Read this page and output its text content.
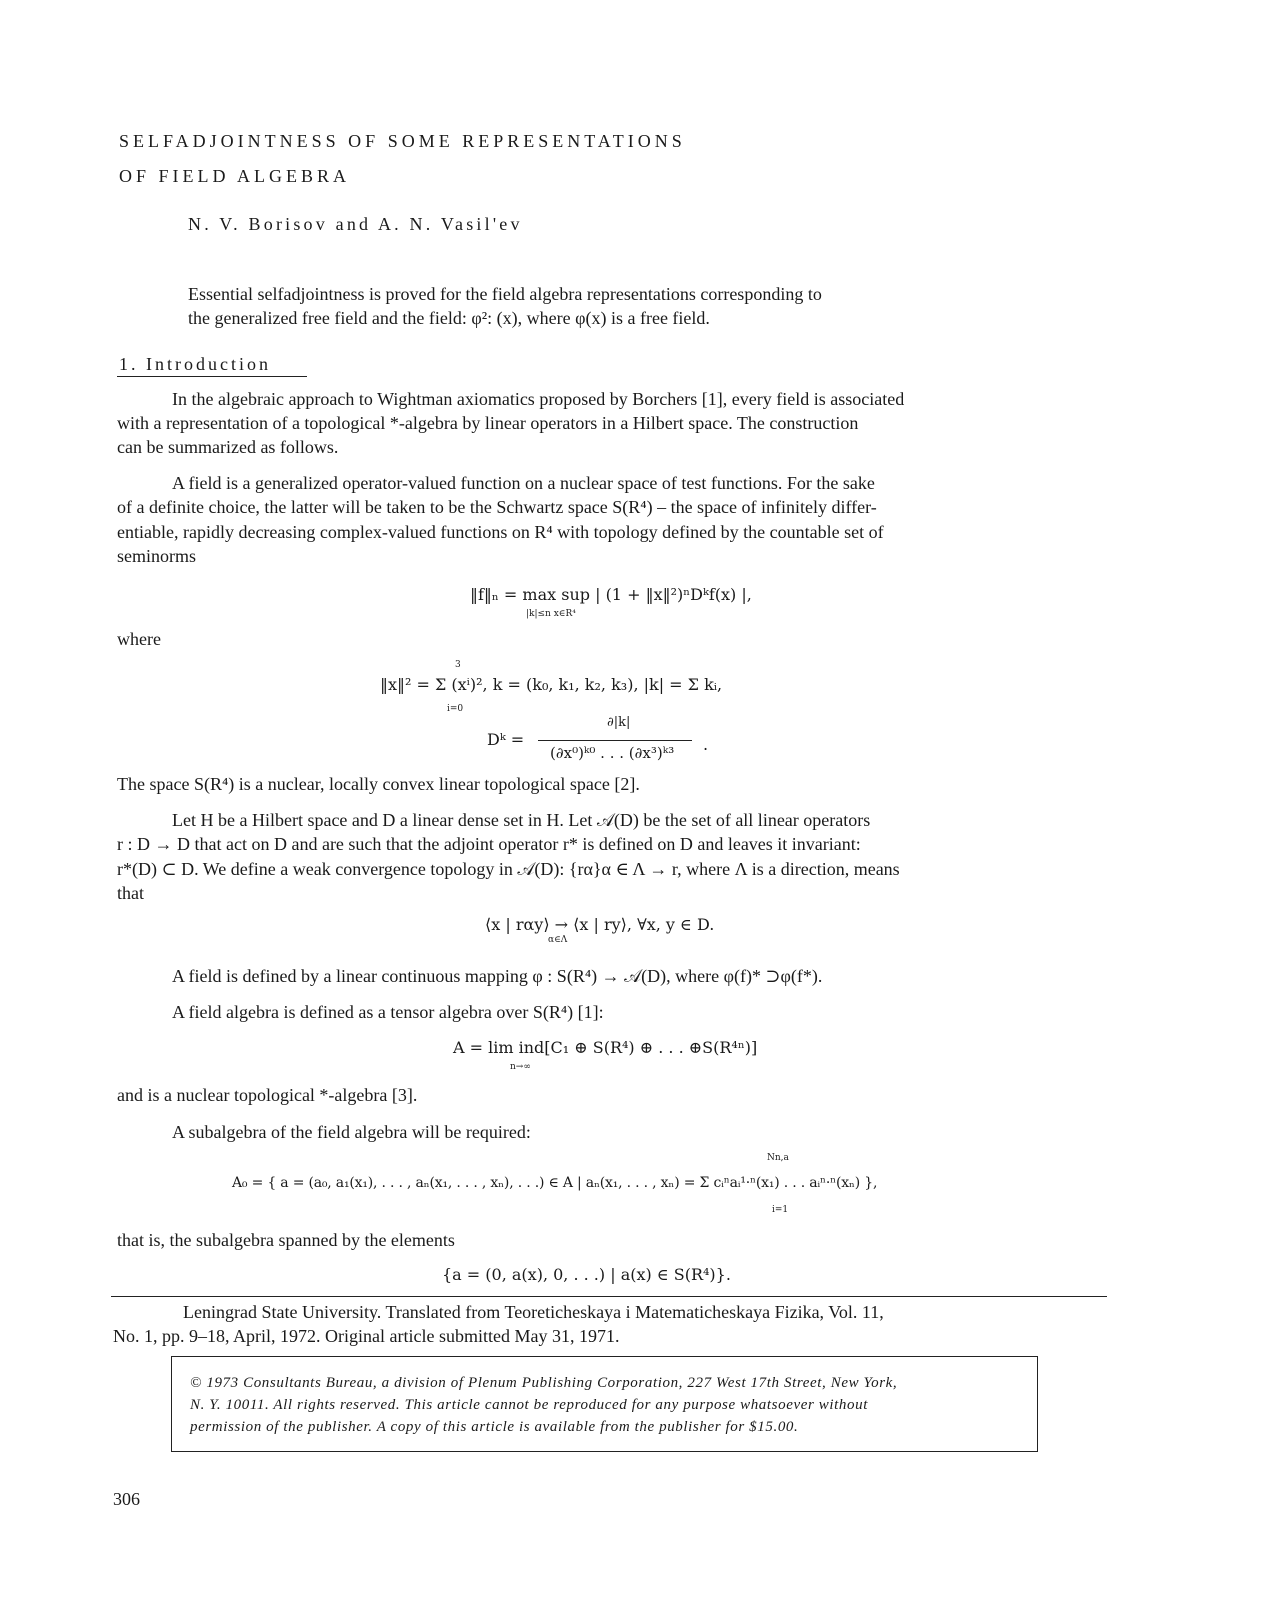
SELFADJOINTNESS OF SOME REPRESENTATIONS
OF FIELD ALGEBRA
N. V. Borisov and A. N. Vasil'ev
Essential selfadjointness is proved for the field algebra representations corresponding to
the generalized free field and the field: φ²: (x), where φ(x) is a free field.
1. Introduction
In the algebraic approach to Wightman axiomatics proposed by Borchers [1], every field is associated
with a representation of a topological *-algebra by linear operators in a Hilbert space. The construction
can be summarized as follows.
A field is a generalized operator-valued function on a nuclear space of test functions. For the sake
of a definite choice, the latter will be taken to be the Schwartz space S(R⁴) – the space of infinitely differ-
entiable, rapidly decreasing complex-valued functions on R⁴ with topology defined by the countable set of
seminorms
‖f‖ₙ = max sup | (1 + ‖x‖²)ⁿDᵏf(x) |,
|k|≤n x∈R⁴
where
3
‖x‖² = Σ (xⁱ)², k = (k₀, k₁, k₂, k₃), |k| = Σ kᵢ,
i=0
Dᵏ =
∂|k|
(∂x⁰)ᵏ⁰ . . . (∂x³)ᵏ³ .
The space S(R⁴) is a nuclear, locally convex linear topological space [2].
Let H be a Hilbert space and D a linear dense set in H. Let 𝒜(D) be the set of all linear operators
r : D → D that act on D and are such that the adjoint operator r* is defined on D and leaves it invariant:
r*(D) ⊂ D. We define a weak convergence topology in 𝒜(D): {rα}α ∈ Λ → r, where Λ is a direction, means
that
⟨x | rαy⟩ → ⟨x | ry⟩, ∀x, y ∈ D.
α∈Λ
A field is defined by a linear continuous mapping φ : S(R⁴) → 𝒜(D), where φ(f)* ⊃φ(f*).
A field algebra is defined as a tensor algebra over S(R⁴) [1]:
A = lim ind[C₁ ⊕ S(R⁴) ⊕ . . . ⊕S(R⁴ⁿ)]
n→∞
and is a nuclear topological *-algebra [3].
A subalgebra of the field algebra will be required:
Nn,a
A₀ = { a = (a₀, a₁(x₁), . . . , aₙ(x₁, . . . , xₙ), . . .) ∈ A | aₙ(x₁, . . . , xₙ) = Σ cᵢⁿaᵢ¹·ⁿ(x₁) . . . aᵢⁿ·ⁿ(xₙ) },
i=1
that is, the subalgebra spanned by the elements
{a = (0, a(x), 0, . . .) | a(x) ∈ S(R⁴)}.
Leningrad State University. Translated from Teoreticheskaya i Matematicheskaya Fizika, Vol. 11,
No. 1, pp. 9–18, April, 1972. Original article submitted May 31, 1971.
© 1973 Consultants Bureau, a division of Plenum Publishing Corporation, 227 West 17th Street, New York,
N. Y. 10011. All rights reserved. This article cannot be reproduced for any purpose whatsoever without
permission of the publisher. A copy of this article is available from the publisher for $15.00.
306
